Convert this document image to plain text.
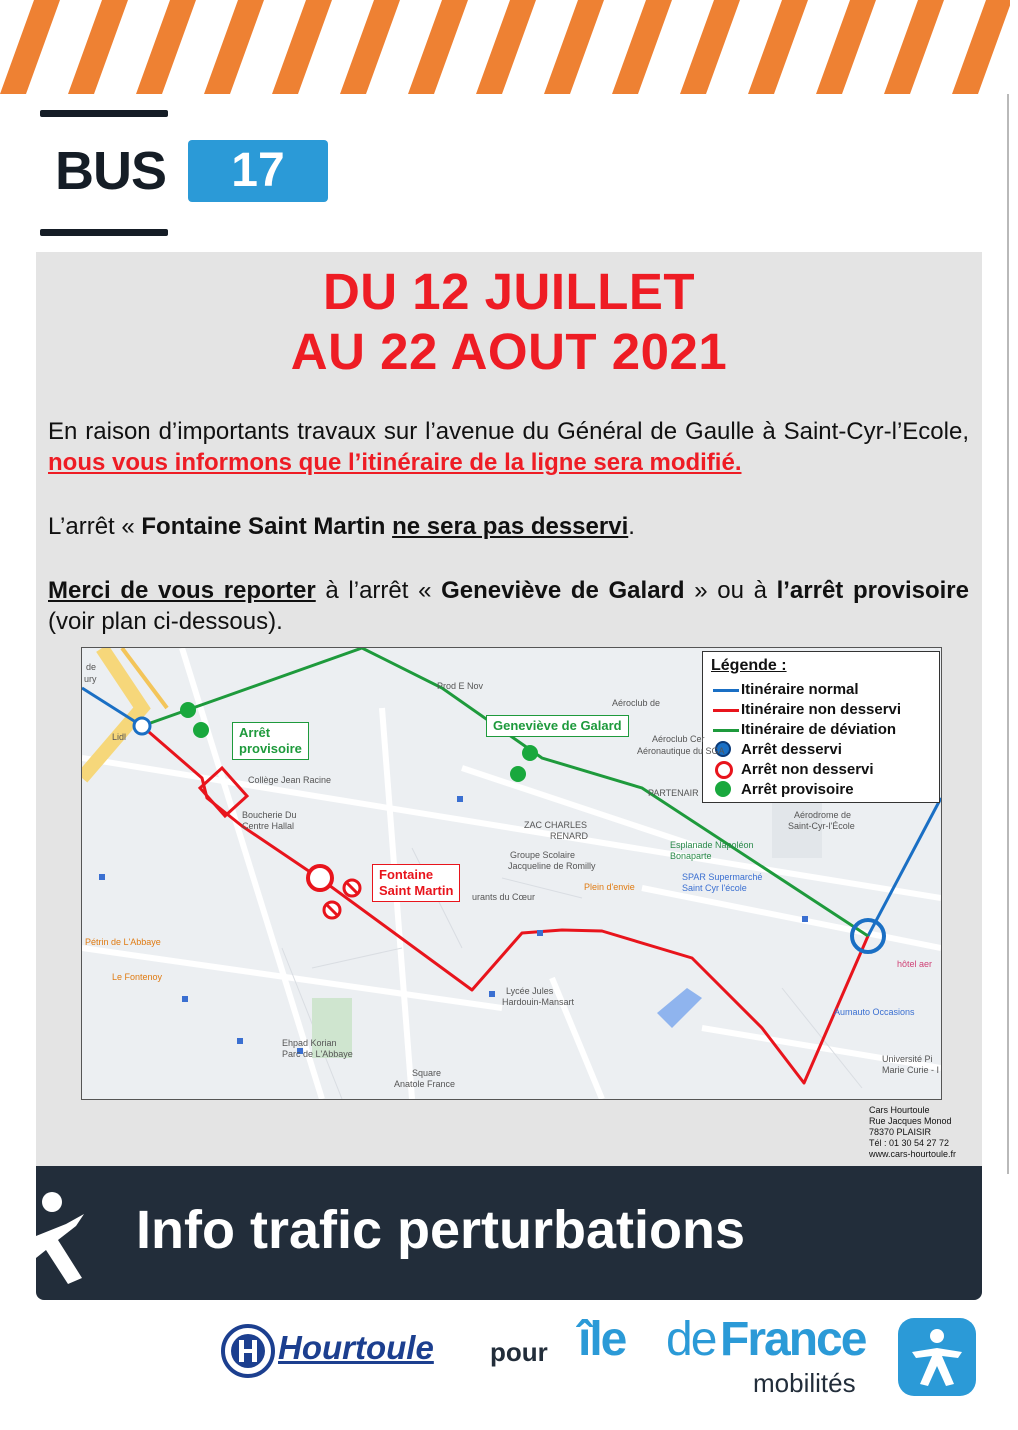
BUS	17
DU 12 JUILLET
AU 22 AOUT 2021
En raison d’importants travaux sur l’avenue du Général de Gaulle à Saint-Cyr-l’Ecole, nous vous informons que l’itinéraire de la ligne sera modifié.
L’arrêt « Fontaine Saint Martin ne sera pas desservi.
Merci de vous reporter à l’arrêt « Geneviève de Galard » ou à l’arrêt provisoire (voir plan ci-dessous).
Légende :
Itinéraire normal
Itinéraire non desservi
Itinéraire de déviation
Arrêt desservi
Arrêt non desservi
Arrêt provisoire
Arrêt
provisoire
Geneviève de Galard
Fontaine
Saint Martin
Prod E Nov
Aéroclub de
Aéroclub Cer
Aéronautique du SGA
Collège Jean Racine
Boucherie Du
Centre Hallal	ZAC CHARLES
RENARD
Groupe Scolaire
Jacqueline de Romilly
Plein d'envie
urants du Cœur
Esplanade Napoléon
Bonaparte
SPAR Supermarché
Saint Cyr l'école
PARTENAIR
Aérodrome de
Saint-Cyr-l'École
Pétrin de L'Abbaye
Le Fontenoy
Lycée Jules
Hardouin-Mansart
Ehpad Korian
Parc de L'Abbaye
Square
Anatole France
hôtel aer
Aumauto Occasions
Université Pi
Marie Curie - I
Lidl
de
ury
Cars Hourtoule
Rue Jacques Monod
78370 PLAISIR
Tél : 01 30 54 27 72
www.cars-hourtoule.fr
Info trafic perturbations
Hourtoule pour île de France
mobilités
